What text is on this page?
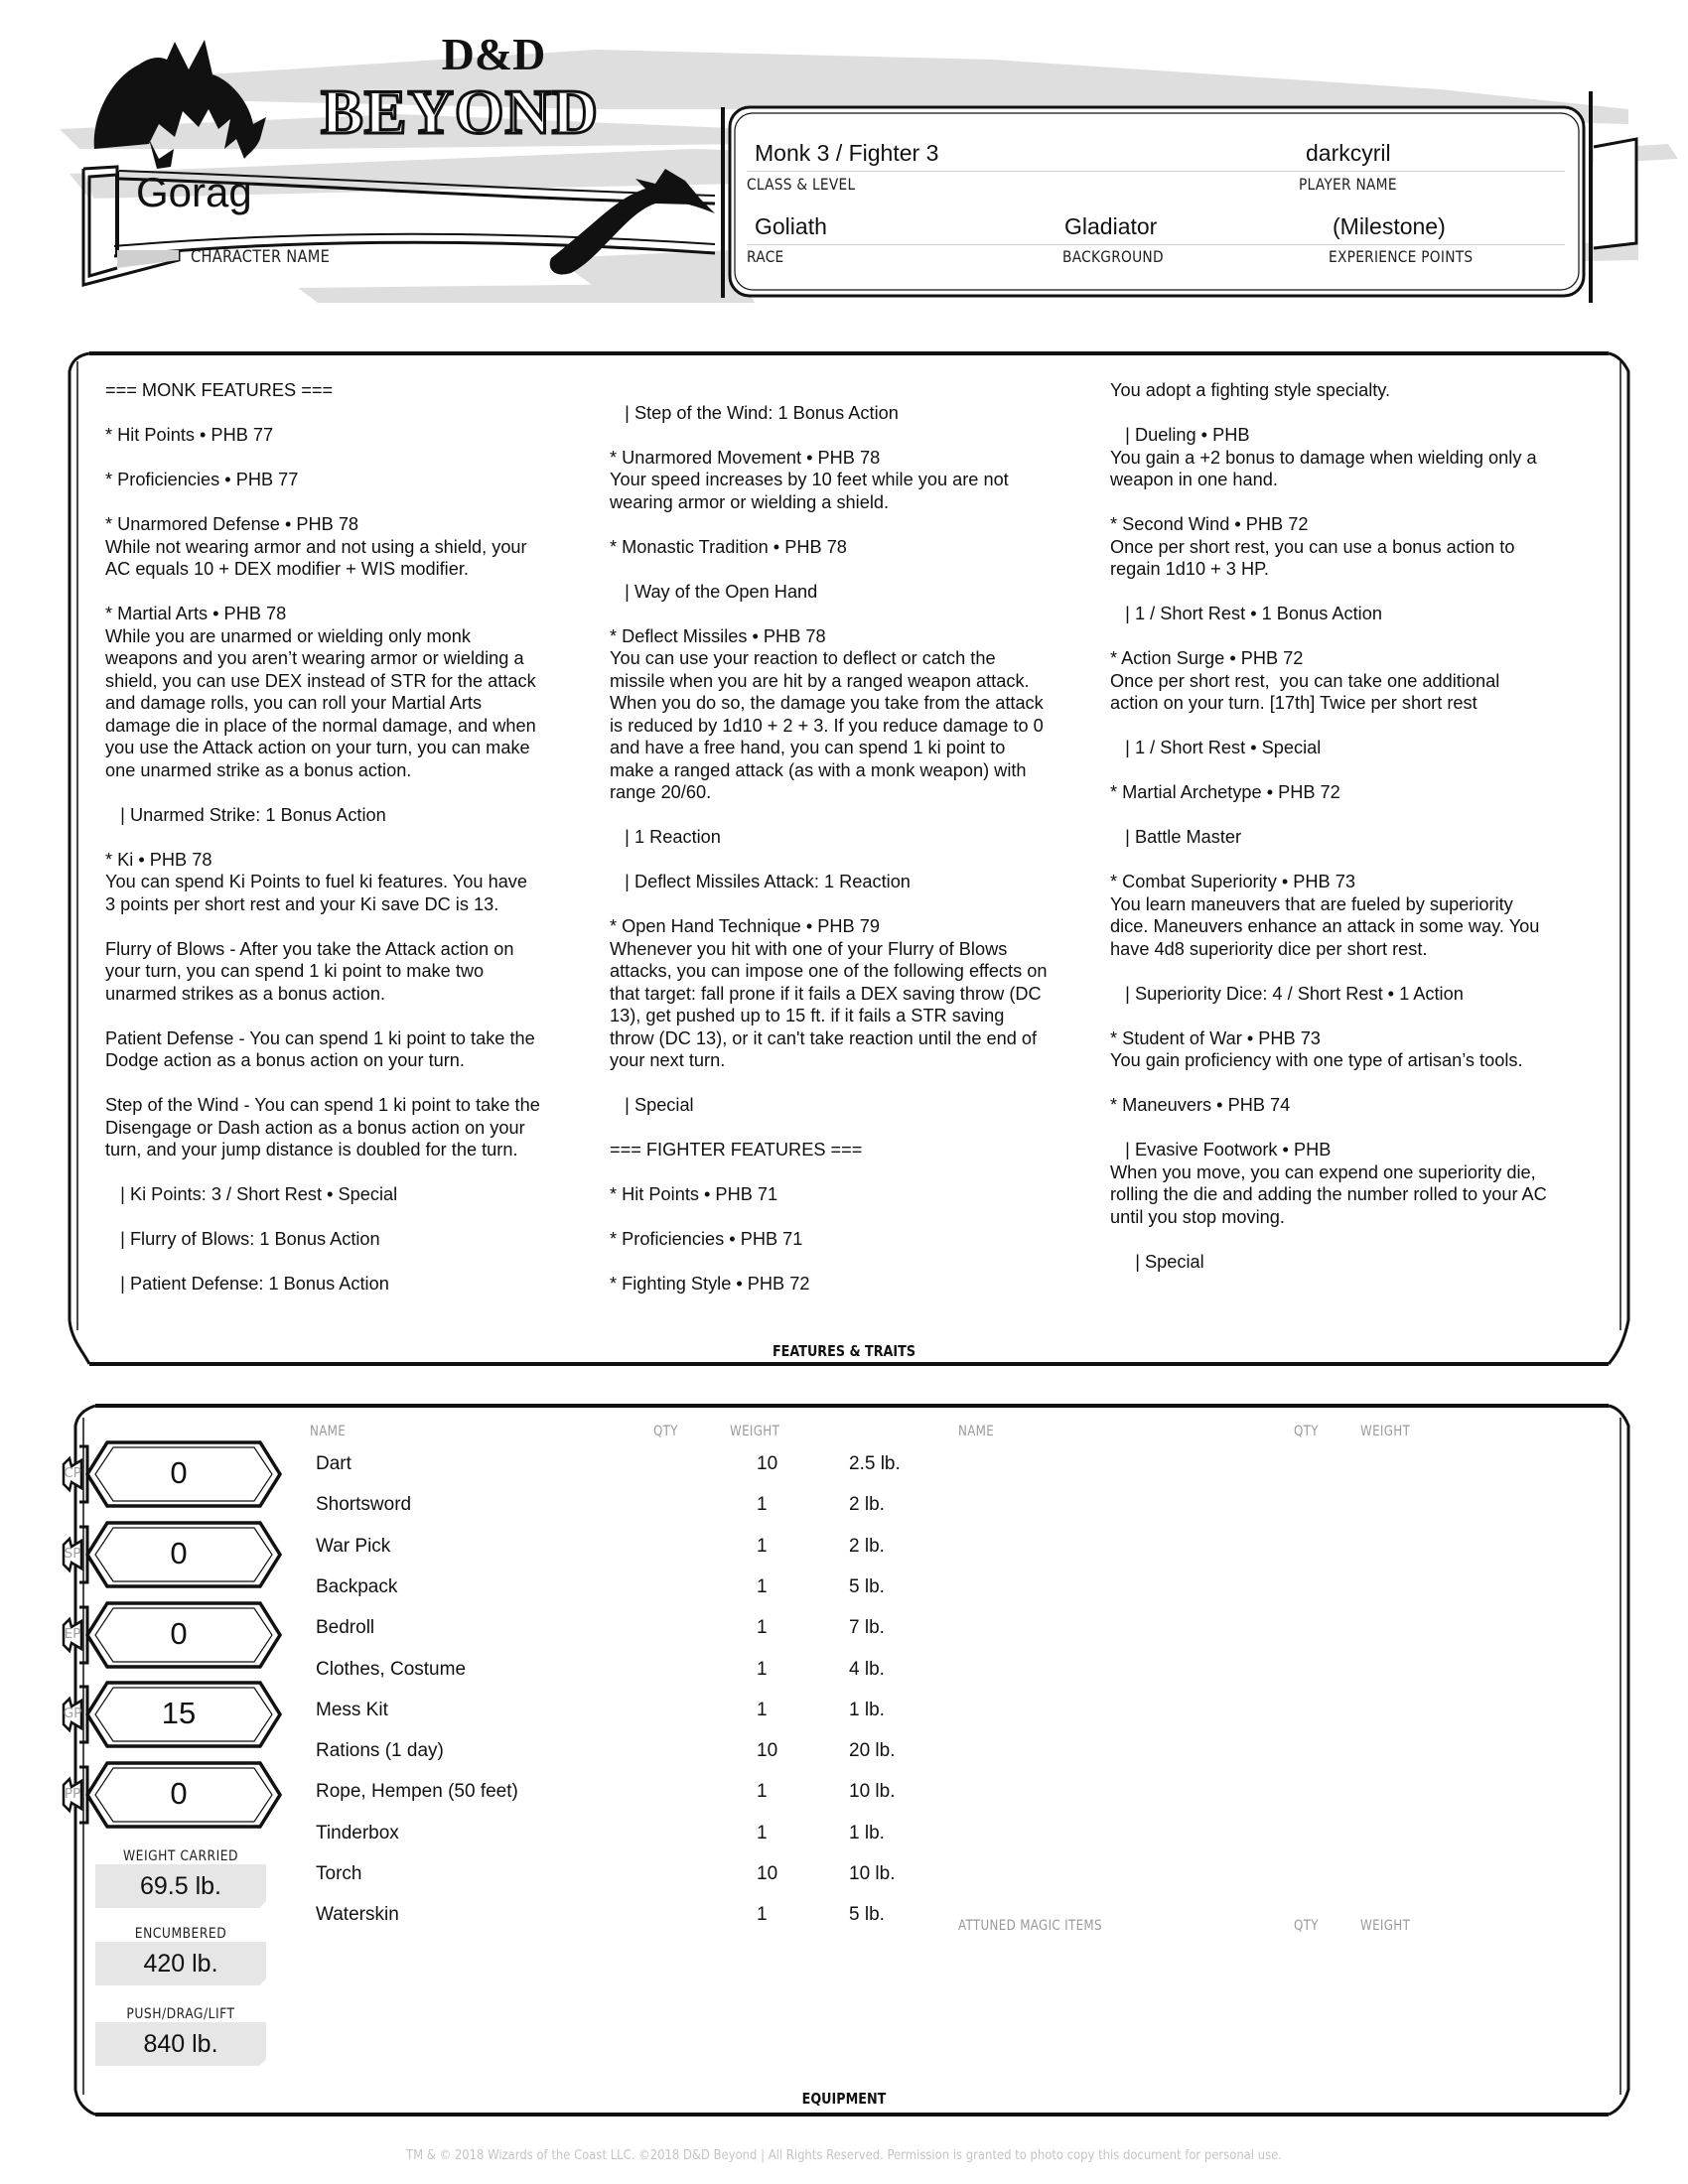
D&D
BEYOND
Gorag
CHARACTER NAME
Monk 3 / Fighter 3
CLASS & LEVEL
darkcyril
PLAYER NAME
Goliath
RACE
Gladiator
BACKGROUND
(Milestone)
EXPERIENCE POINTS

=== MONK FEATURES ===

* Hit Points • PHB 77

* Proficiencies • PHB 77

* Unarmored Defense • PHB 78

While not wearing armor and not using a shield, your

AC equals 10 + DEX modifier + WIS modifier.

* Martial Arts • PHB 78

While you are unarmed or wielding only monk

weapons and you aren’t wearing armor or wielding a

shield, you can use DEX instead of STR for the attack

and damage rolls, you can roll your Martial Arts

damage die in place of the normal damage, and when

you use the Attack action on your turn, you can make

one unarmed strike as a bonus action.

| Unarmed Strike: 1 Bonus Action

* Ki • PHB 78

You can spend Ki Points to fuel ki features. You have

3 points per short rest and your Ki save DC is 13.

Flurry of Blows - After you take the Attack action on

your turn, you can spend 1 ki point to make two

unarmed strikes as a bonus action.

Patient Defense - You can spend 1 ki point to take the

Dodge action as a bonus action on your turn.

Step of the Wind - You can spend 1 ki point to take the

Disengage or Dash action as a bonus action on your

turn, and your jump distance is doubled for the turn.

| Ki Points: 3 / Short Rest • Special

| Flurry of Blows: 1 Bonus Action

| Patient Defense: 1 Bonus Action

| Step of the Wind: 1 Bonus Action

* Unarmored Movement • PHB 78

Your speed increases by 10 feet while you are not

wearing armor or wielding a shield.

* Monastic Tradition • PHB 78

| Way of the Open Hand

* Deflect Missiles • PHB 78

You can use your reaction to deflect or catch the

missile when you are hit by a ranged weapon attack.

When you do so, the damage you take from the attack

is reduced by 1d10 + 2 + 3. If you reduce damage to 0

and have a free hand, you can spend 1 ki point to

make a ranged attack (as with a monk weapon) with

range 20/60.

| 1 Reaction

| Deflect Missiles Attack: 1 Reaction

* Open Hand Technique • PHB 79

Whenever you hit with one of your Flurry of Blows

attacks, you can impose one of the following effects on

that target: fall prone if it fails a DEX saving throw (DC

13), get pushed up to 15 ft. if it fails a STR saving

throw (DC 13), or it can't take reaction until the end of

your next turn.

| Special

=== FIGHTER FEATURES ===

* Hit Points • PHB 71

* Proficiencies • PHB 71

* Fighting Style • PHB 72

You adopt a fighting style specialty.

| Dueling • PHB

You gain a +2 bonus to damage when wielding only a

weapon in one hand.

* Second Wind • PHB 72

Once per short rest, you can use a bonus action to

regain 1d10 + 3 HP.

| 1 / Short Rest • 1 Bonus Action

* Action Surge • PHB 72

Once per short rest,  you can take one additional

action on your turn. [17th] Twice per short rest

| 1 / Short Rest • Special

* Martial Archetype • PHB 72

| Battle Master

* Combat Superiority • PHB 73

You learn maneuvers that are fueled by superiority

dice. Maneuvers enhance an attack in some way. You

have 4d8 superiority dice per short rest.

| Superiority Dice: 4 / Short Rest • 1 Action

* Student of War • PHB 73

You gain proficiency with one type of artisan’s tools.

* Maneuvers • PHB 74

| Evasive Footwork • PHB

When you move, you can expend one superiority die,

rolling the die and adding the number rolled to your AC

until you stop moving.

| Special

FEATURES & TRAITS
CP	0
SP	0
EP	0
GP	15
PP	0
WEIGHT CARRIED
69.5 lb.
ENCUMBERED
420 lb.
PUSH/DRAG/LIFT
840 lb.
NAME	QTY	WEIGHT
Dart	10	2.5 lb.
Shortsword	1	2 lb.
War Pick	1	2 lb.
Backpack	1	5 lb.
Bedroll	1	7 lb.
Clothes, Costume	1	4 lb.
Mess Kit	1	1 lb.
Rations (1 day)	10	20 lb.
Rope, Hempen (50 feet)	1	10 lb.
Tinderbox	1	1 lb.
Torch	10	10 lb.
Waterskin	1	5 lb.
NAME	QTY	WEIGHT
ATTUNED MAGIC ITEMS	QTY	WEIGHT
EQUIPMENT
TM & © 2018 Wizards of the Coast LLC. ©2018 D&D Beyond | All Rights Reserved. Permission is granted to photo copy this document for personal use.
